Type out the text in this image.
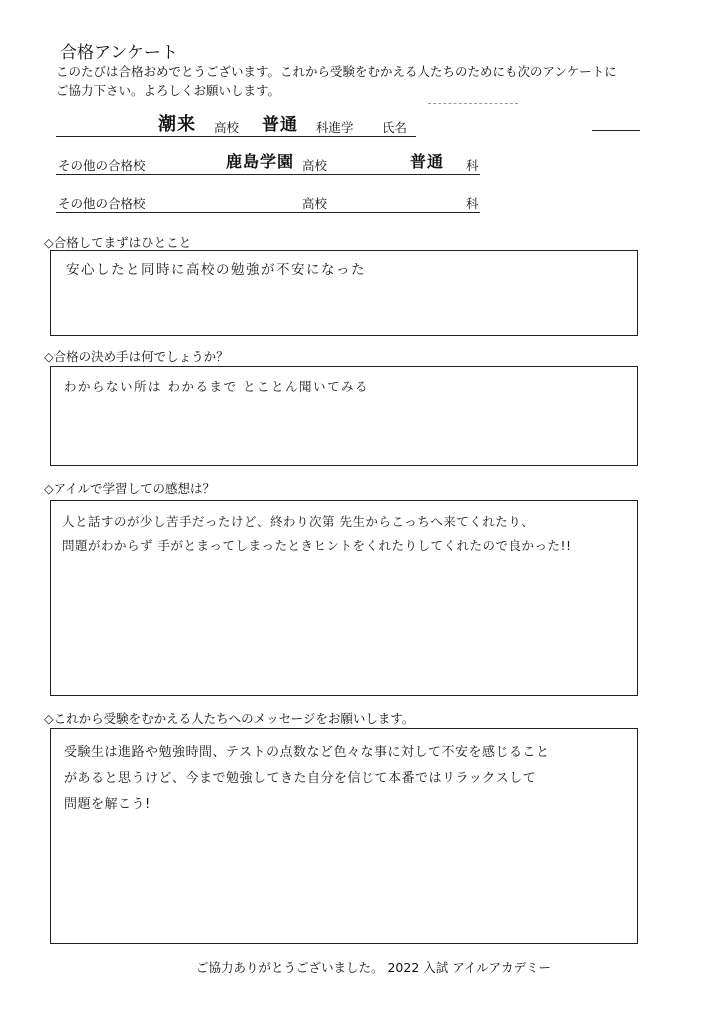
合格アンケート
このたびは合格おめでとうございます。これから受験をむかえる人たちのためにも次のアンケートに
ご協力下さい。よろしくお願いします。
潮来 高校 普通 科進学 氏名
その他の合格校	鹿島学園 高校	普通 科
その他の合格校	高校	科
◇合格してまずはひとこと
安心したと同時に高校の勉強が不安になった
◇合格の決め手は何でしょうか？
わからない所は わかるまで とことん聞いてみる
◇アイルで学習しての感想は？
人と話すのが少し苦手だったけど、終わり次第 先生からこっちへ来てくれたり、
問題がわからず 手がとまってしまったときヒントをくれたりしてくれたので良かった!!
◇これから受験をむかえる人たちへのメッセージをお願いします。
受験生は進路や勉強時間、テストの点数など色々な事に対して不安を感じること
があると思うけど、今まで勉強してきた自分を信じて本番ではリラックスして
問題を解こう!
ご協力ありがとうございました。 2022 入試 アイルアカデミー
